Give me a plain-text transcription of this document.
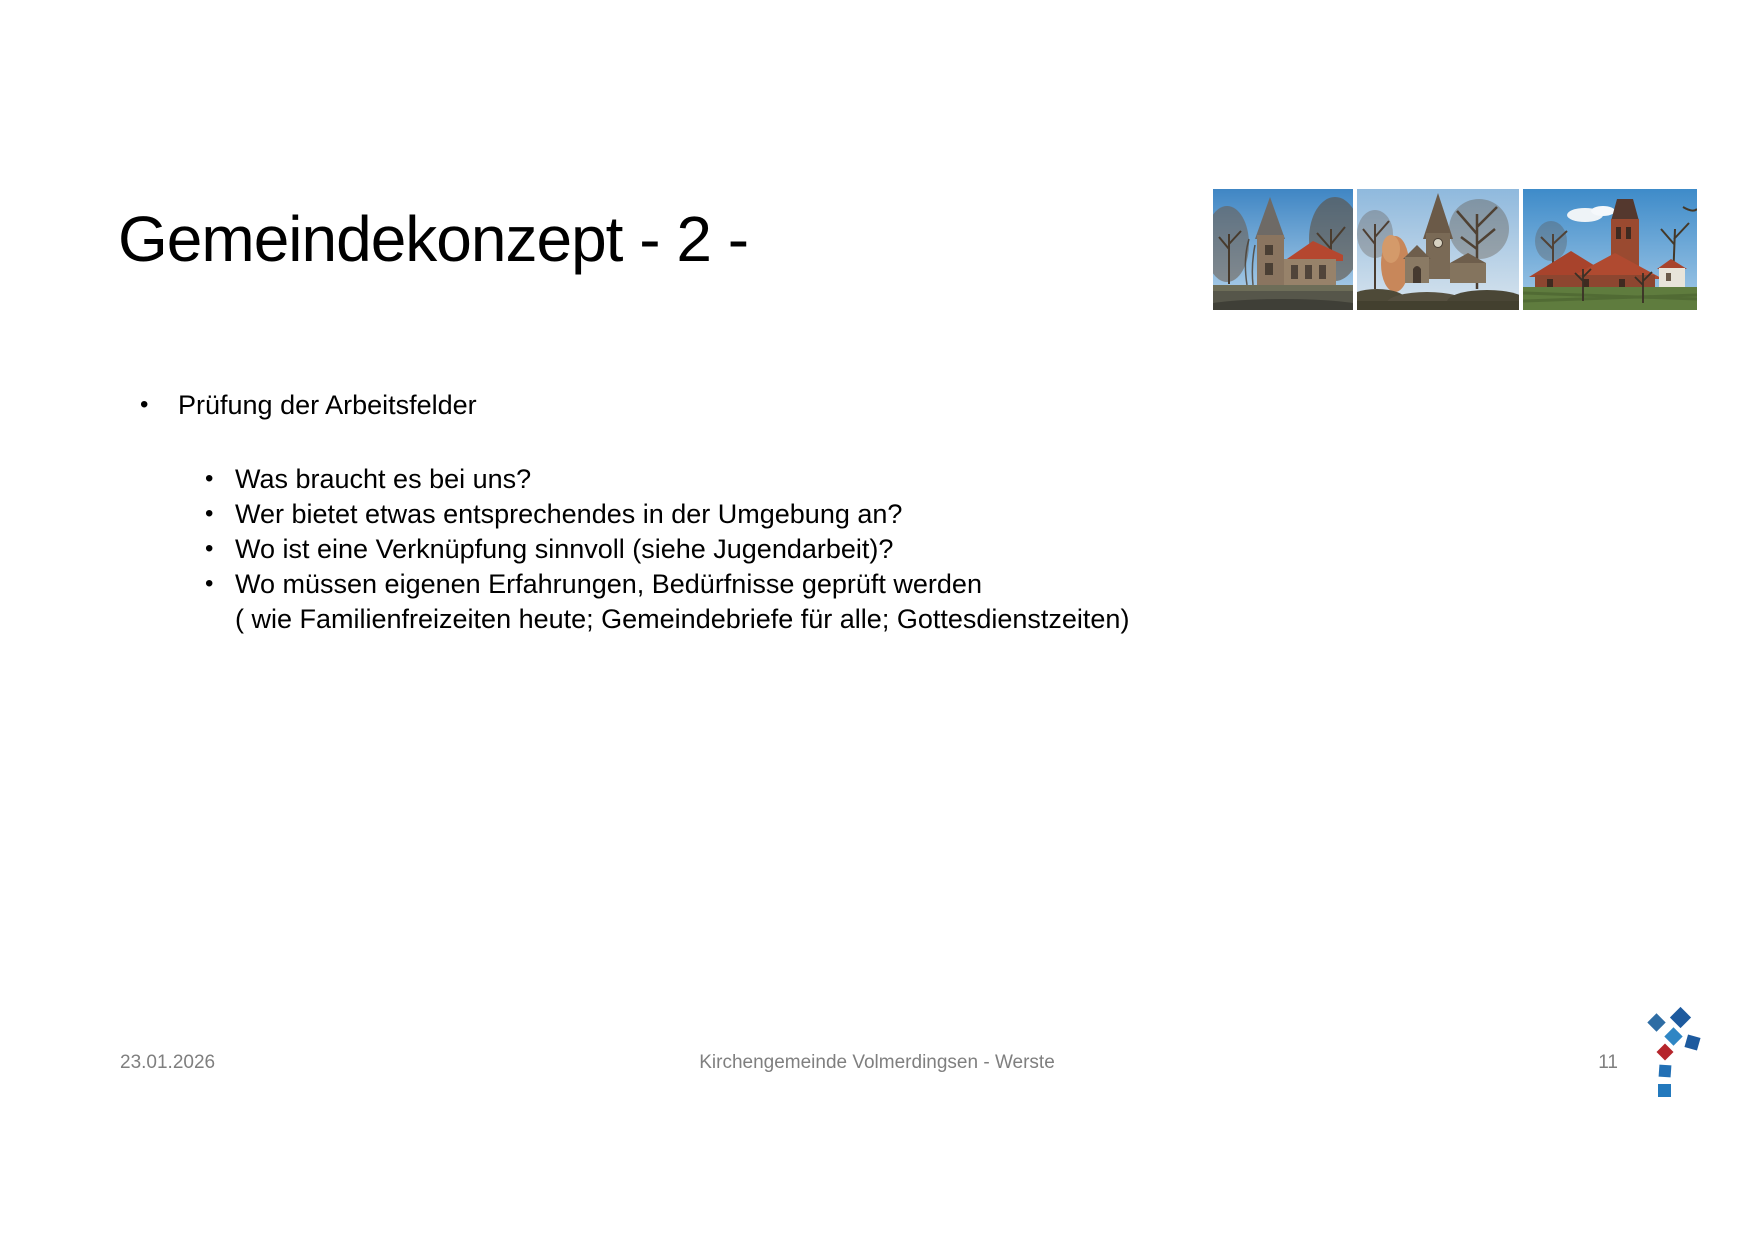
Gemeindekonzept - 2 -
•	Prüfung der Arbeitsfelder
• Was braucht es bei uns?
• Wer bietet etwas entsprechendes in der Umgebung an?
• Wo ist eine Verknüpfung sinnvoll (siehe Jugendarbeit)?
• Wo müssen eigenen Erfahrungen, Bedürfnisse geprüft werden
( wie Familienfreizeiten heute; Gemeindebriefe für alle; Gottesdienstzeiten)
23.01.2026	Kirchengemeinde Volmerdingsen - Werste	11
